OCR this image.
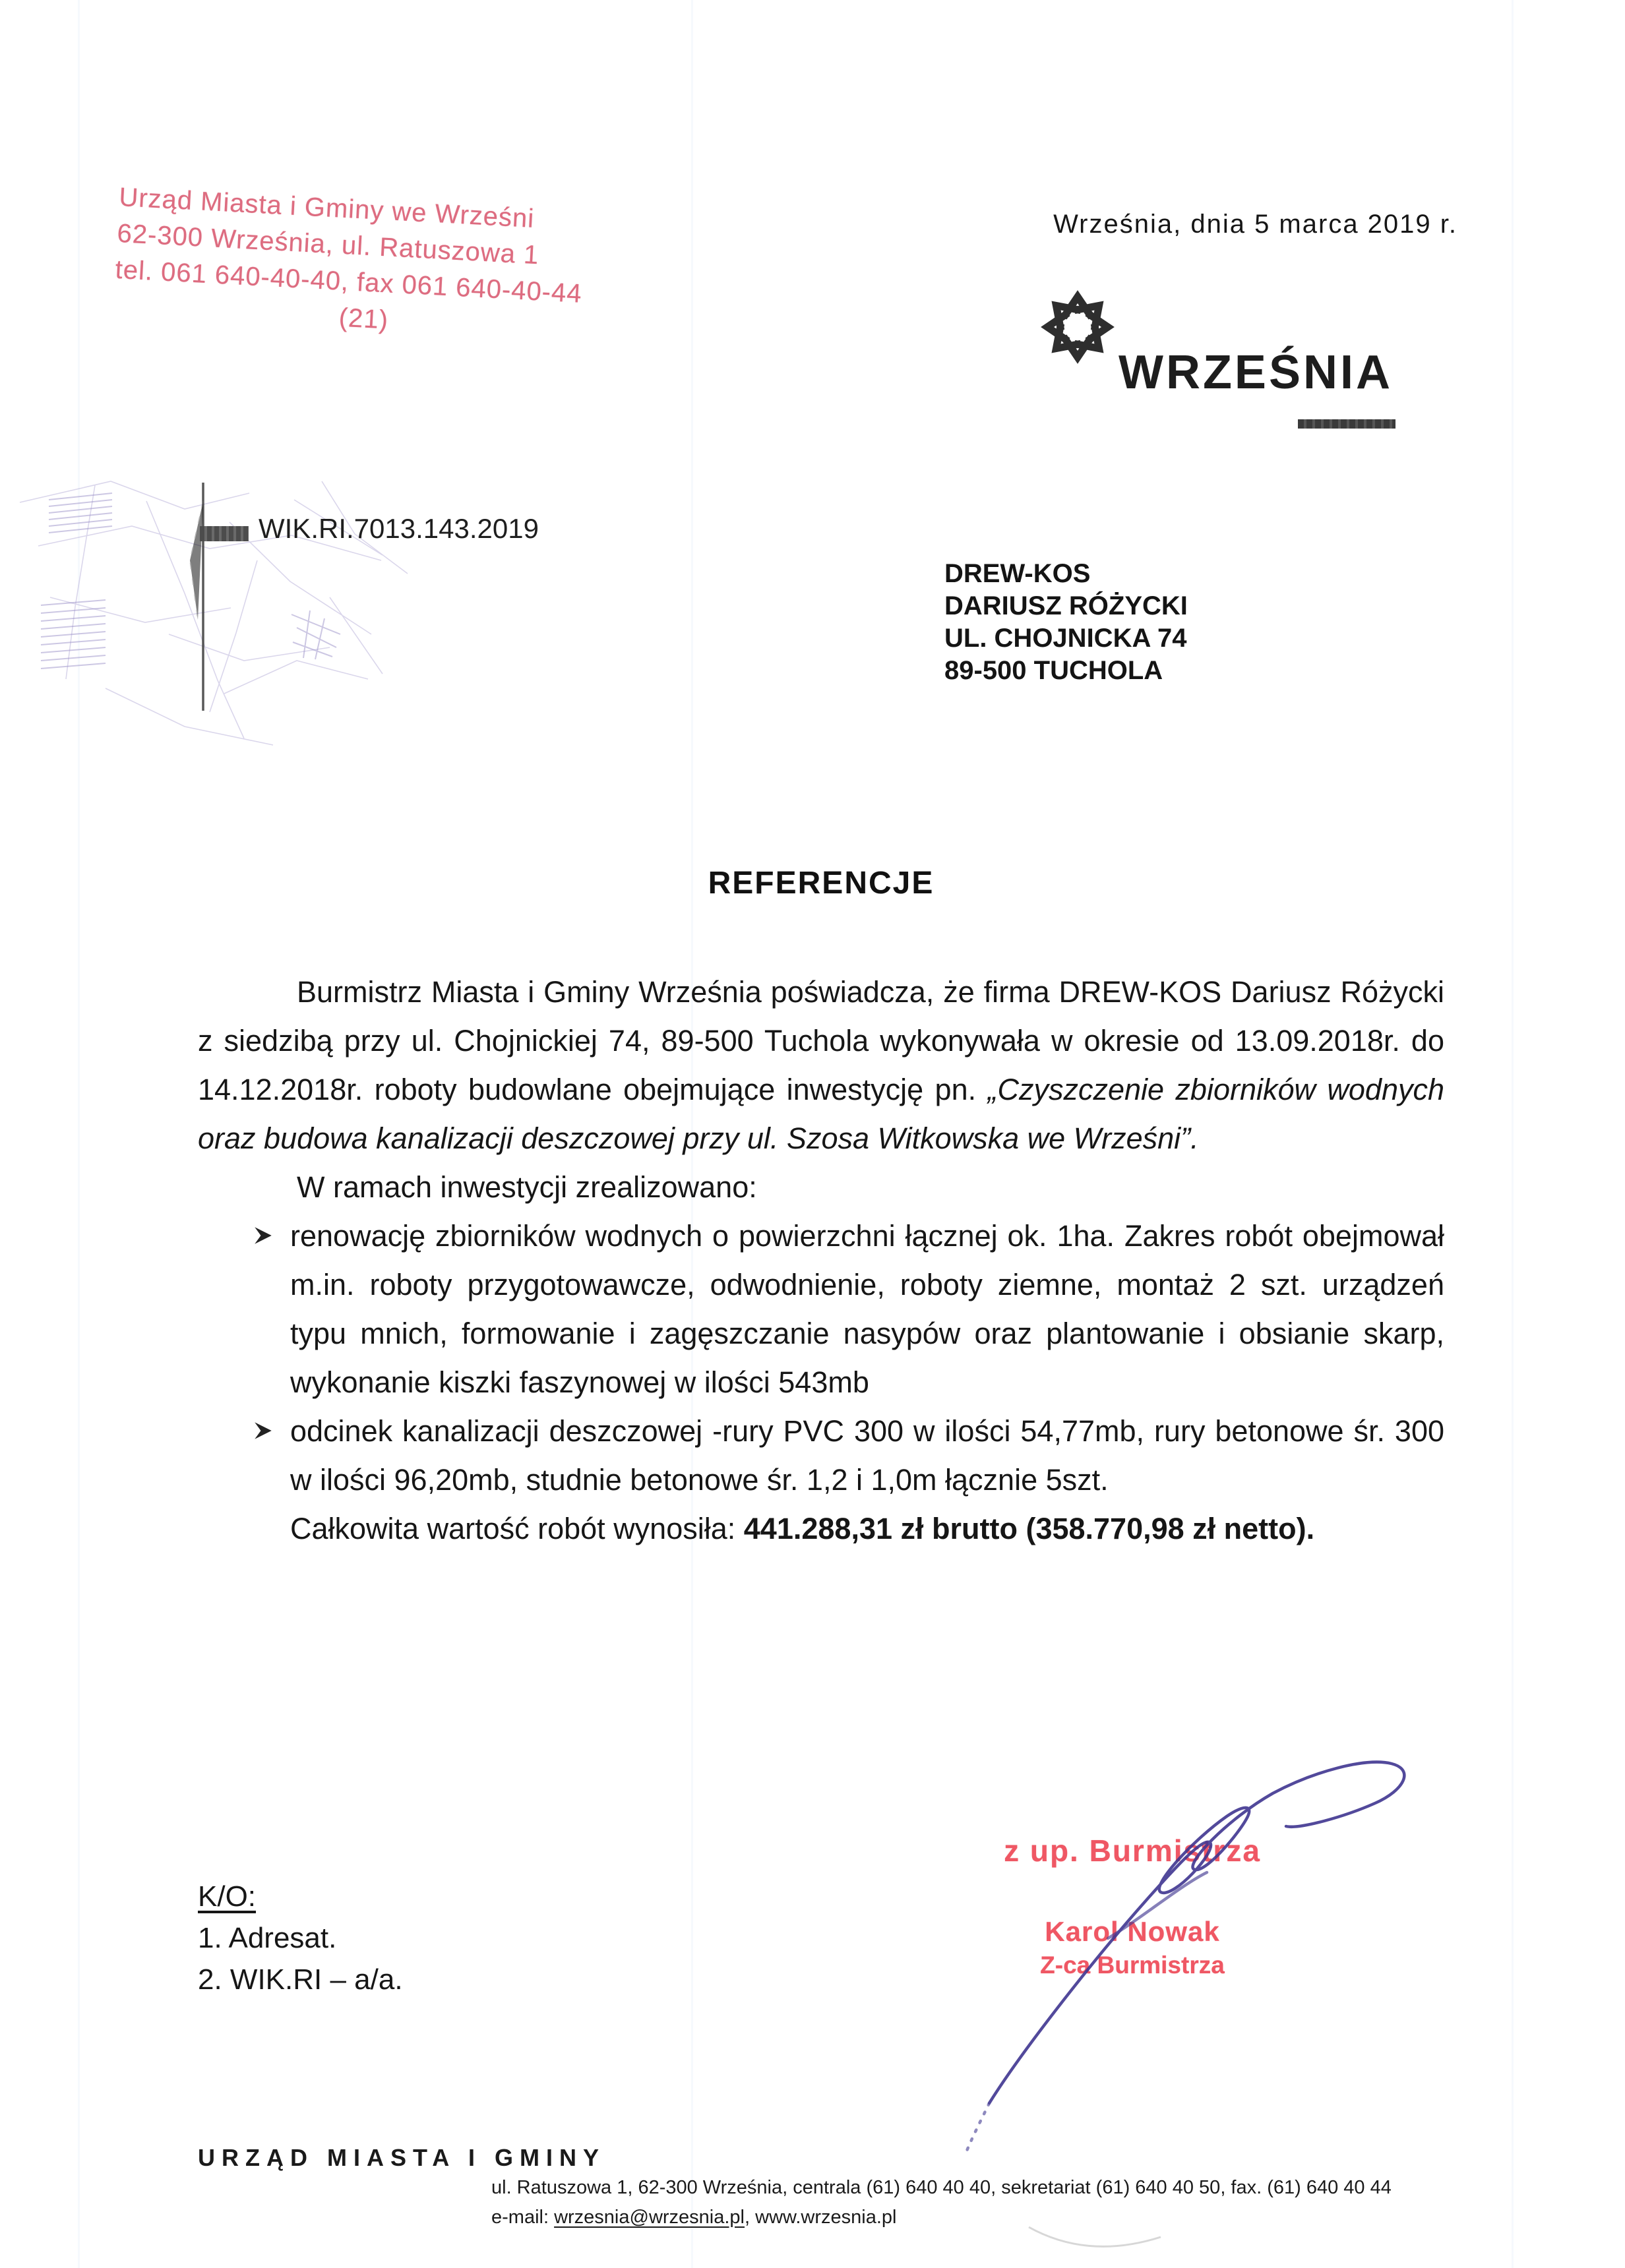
Urząd Miasta i Gminy we Wrześni
62-300 Września, ul. Ratuszowa 1
tel. 061 640-40-40, fax 061 640-40-44
(21)
Września, dnia 5 marca 2019 r.
WRZEŚNIA
WIK.RI.7013.143.2019
DREW-KOS
DARIUSZ RÓŻYCKI
UL. CHOJNICKA 74
89-500 TUCHOLA
REFERENCJE

Burmistrz Miasta i Gminy Września poświadcza, że firma DREW-KOS Dariusz Różycki z siedzibą przy ul. Chojnickiej 74, 89-500 Tuchola wykonywała w okresie od 13.09.2018r. do 14.12.2018r. roboty budowlane obejmujące inwestycję pn. „Czyszczenie zbiorników wodnych oraz budowa kanalizacji deszczowej przy ul. Szosa Witkowska we Wrześni”.

W ramach inwestycji zrealizowano:

renowację zbiorników wodnych o powierzchni łącznej ok. 1ha. Zakres robót obejmował m.in. roboty przygotowawcze, odwodnienie, roboty ziemne, montaż 2 szt. urządzeń typu mnich, formowanie i zagęszczanie nasypów oraz plantowanie i obsianie skarp, wykonanie kiszki faszynowej w ilości 543mb
odcinek kanalizacji deszczowej -rury PVC 300 w ilości 54,77mb, rury betonowe śr. 300 w ilości 96,20mb, studnie betonowe śr. 1,2 i 1,0m łącznie 5szt.

Całkowita wartość robót wynosiła: 441.288,31 zł brutto (358.770,98 zł netto).

K/O:
1. Adresat.
2. WIK.RI – a/a.
z up. Burmistrza
Karol Nowak
Z-ca Burmistrza
URZĄD MIASTA I GMINY
ul. Ratuszowa 1, 62-300 Września, centrala (61) 640 40 40, sekretariat (61) 640 40 50, fax. (61) 640 40 44
e-mail: wrzesnia@wrzesnia.pl, www.wrzesnia.pl
